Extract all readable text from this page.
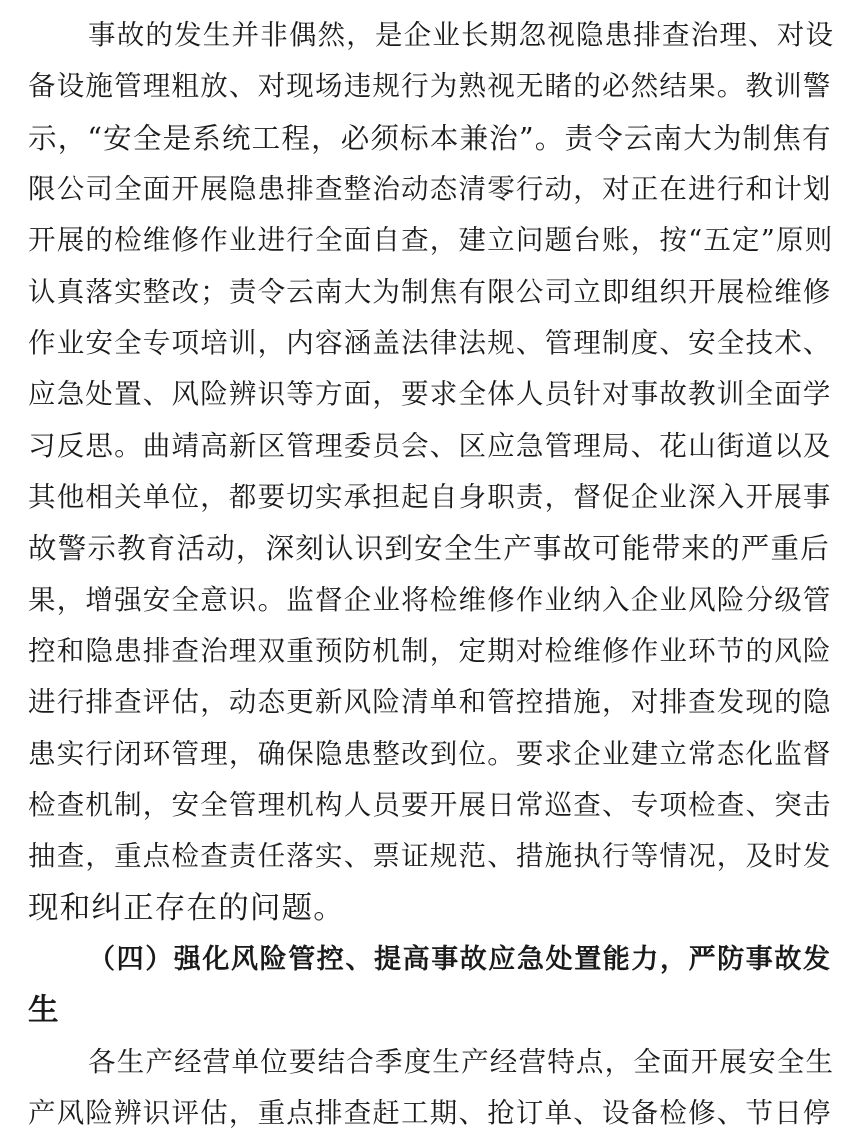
事故的发生并非偶然，是企业长期忽视隐患排查治理、对设
备设施管理粗放、对现场违规行为熟视无睹的必然结果。教训警
示，“安全是系统工程，必须标本兼治”。责令云南大为制焦有
限公司全面开展隐患排查整治动态清零行动，对正在进行和计划
开展的检维修作业进行全面自查，建立问题台账，按“五定”原则
认真落实整改；责令云南大为制焦有限公司立即组织开展检维修
作业安全专项培训，内容涵盖法律法规、管理制度、安全技术、
应急处置、风险辨识等方面，要求全体人员针对事故教训全面学
习反思。曲靖高新区管理委员会、区应急管理局、花山街道以及
其他相关单位，都要切实承担起自身职责，督促企业深入开展事
故警示教育活动，深刻认识到安全生产事故可能带来的严重后
果，增强安全意识。监督企业将检维修作业纳入企业风险分级管
控和隐患排查治理双重预防机制，定期对检维修作业环节的风险
进行排查评估，动态更新风险清单和管控措施，对排查发现的隐
患实行闭环管理，确保隐患整改到位。要求企业建立常态化监督
检查机制，安全管理机构人员要开展日常巡查、专项检查、突击
抽查，重点检查责任落实、票证规范、措施执行等情况，及时发
现和纠正存在的问题。
（四）强化风险管控、提高事故应急处置能力，严防事故发
生
各生产经营单位要结合季度生产经营特点，全面开展安全生
产风险辨识评估，重点排查赶工期、抢订单、设备检修、节日停
